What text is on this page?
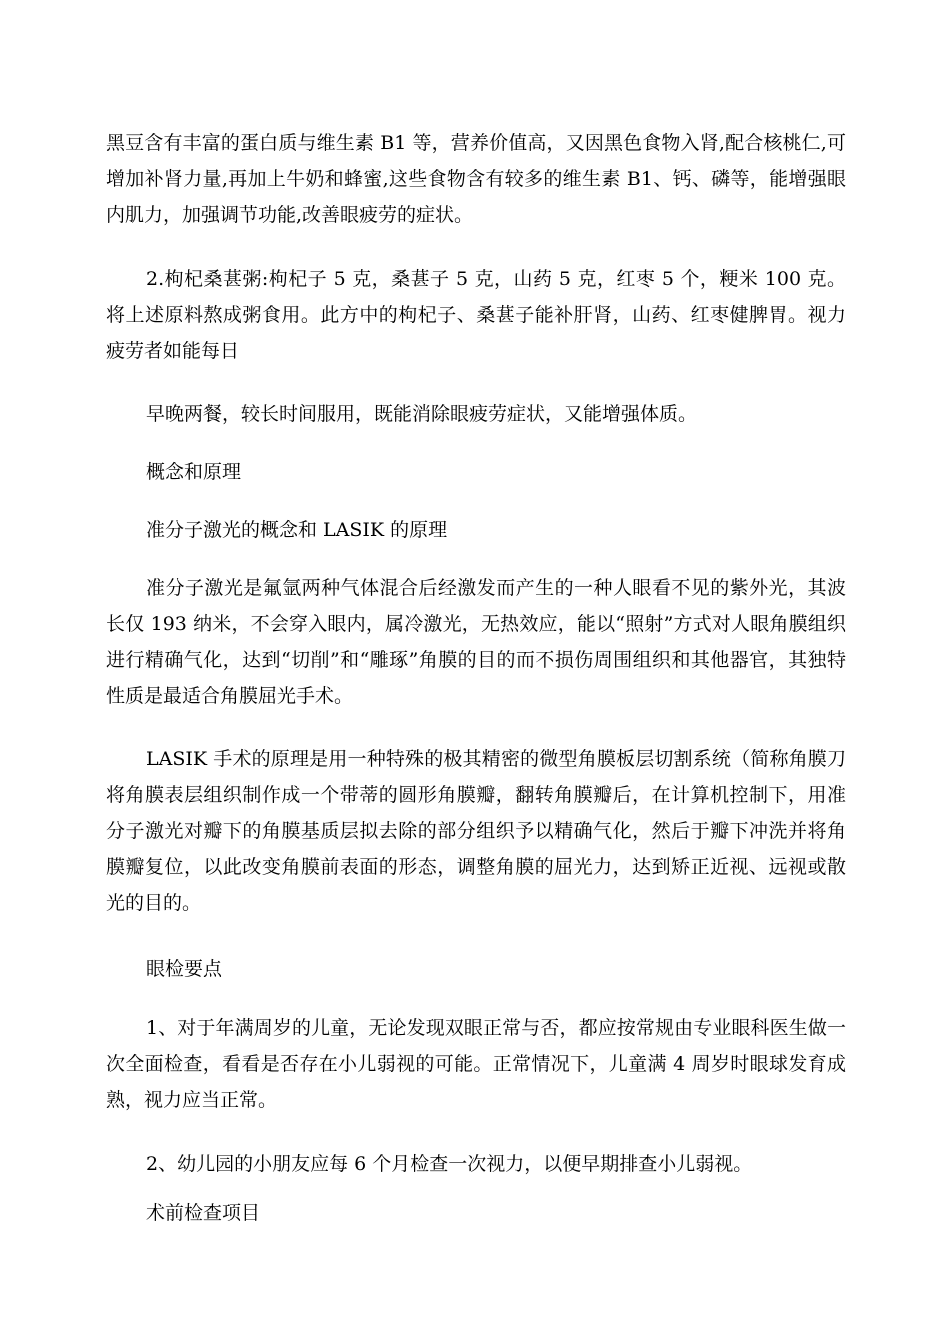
黑豆含有丰富的蛋白质与维生素 B1 等，营养价值高，又因黑色食物入肾,配合核桃仁,可增加补肾力量,再加上牛奶和蜂蜜,这些食物含有较多的维生素 B1、钙、磷等，能增强眼内肌力，加强调节功能,改善眼疲劳的症状。
2.枸杞桑葚粥:枸杞子 5 克，桑葚子 5 克，山药 5 克，红枣 5 个，粳米 100 克。将上述原料熬成粥食用。此方中的枸杞子、桑葚子能补肝肾，山药、红枣健脾胃。视力疲劳者如能每日
早晚两餐，较长时间服用，既能消除眼疲劳症状，又能增强体质。
概念和原理
准分子激光的概念和 LASIK 的原理
准分子激光是氟氩两种气体混合后经激发而产生的一种人眼看不见的紫外光，其波长仅 193 纳米，不会穿入眼内，属冷激光，无热效应，能以“照射”方式对人眼角膜组织进行精确气化，达到“切削”和“雕琢”角膜的目的而不损伤周围组织和其他器官，其独特性质是最适合角膜屈光手术。
LASIK 手术的原理是用一种特殊的极其精密的微型角膜板层切割系统（简称角膜刀将角膜表层组织制作成一个带蒂的圆形角膜瓣，翻转角膜瓣后，在计算机控制下，用准分子激光对瓣下的角膜基质层拟去除的部分组织予以精确气化，然后于瓣下冲洗并将角膜瓣复位，以此改变角膜前表面的形态，调整角膜的屈光力，达到矫正近视、远视或散光的目的。
眼检要点
1、对于年满周岁的儿童，无论发现双眼正常与否，都应按常规由专业眼科医生做一次全面检查，看看是否存在小儿弱视的可能。正常情况下，儿童满 4 周岁时眼球发育成熟，视力应当正常。
2、幼儿园的小朋友应每 6 个月检查一次视力，以便早期排查小儿弱视。
术前检查项目
